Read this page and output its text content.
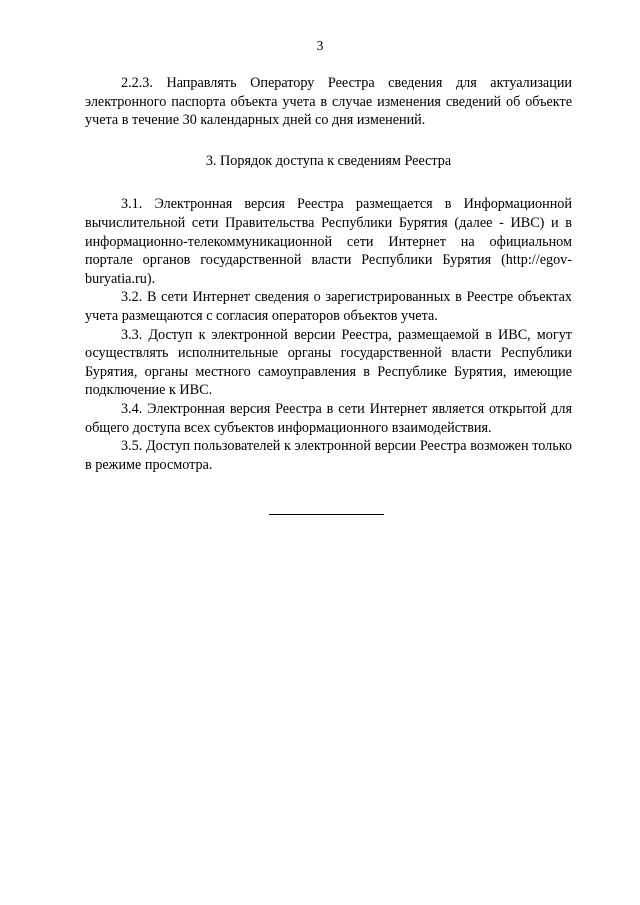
3

2.2.3. Направлять Оператору Реестра сведения для актуализации электронного паспорта объекта учета в случае изменения сведений об объекте учета в течение 30 календарных дней со дня изменений.

3. Порядок доступа к сведениям Реестра

3.1. Электронная версия Реестра размещается в Информационной вычислительной сети Правительства Республики Бурятия (далее - ИВС) и в информационно-телекоммуникационной сети Интернет на официальном портале органов государственной власти Республики Бурятия (http://egov-buryatia.ru).

3.2. В сети Интернет сведения о зарегистрированных в Реестре объектах учета размещаются с согласия операторов объектов учета.

3.3. Доступ к электронной версии Реестра, размещаемой в ИВС, могут осуществлять исполнительные органы государственной власти Республики Бурятия, органы местного самоуправления в Республике Бурятия, имеющие подключение к ИВС.

3.4. Электронная версия Реестра в сети Интернет является открытой для общего доступа всех субъектов информационного взаимодействия.

3.5. Доступ пользователей к электронной версии Реестра возможен только в режиме просмотра.
